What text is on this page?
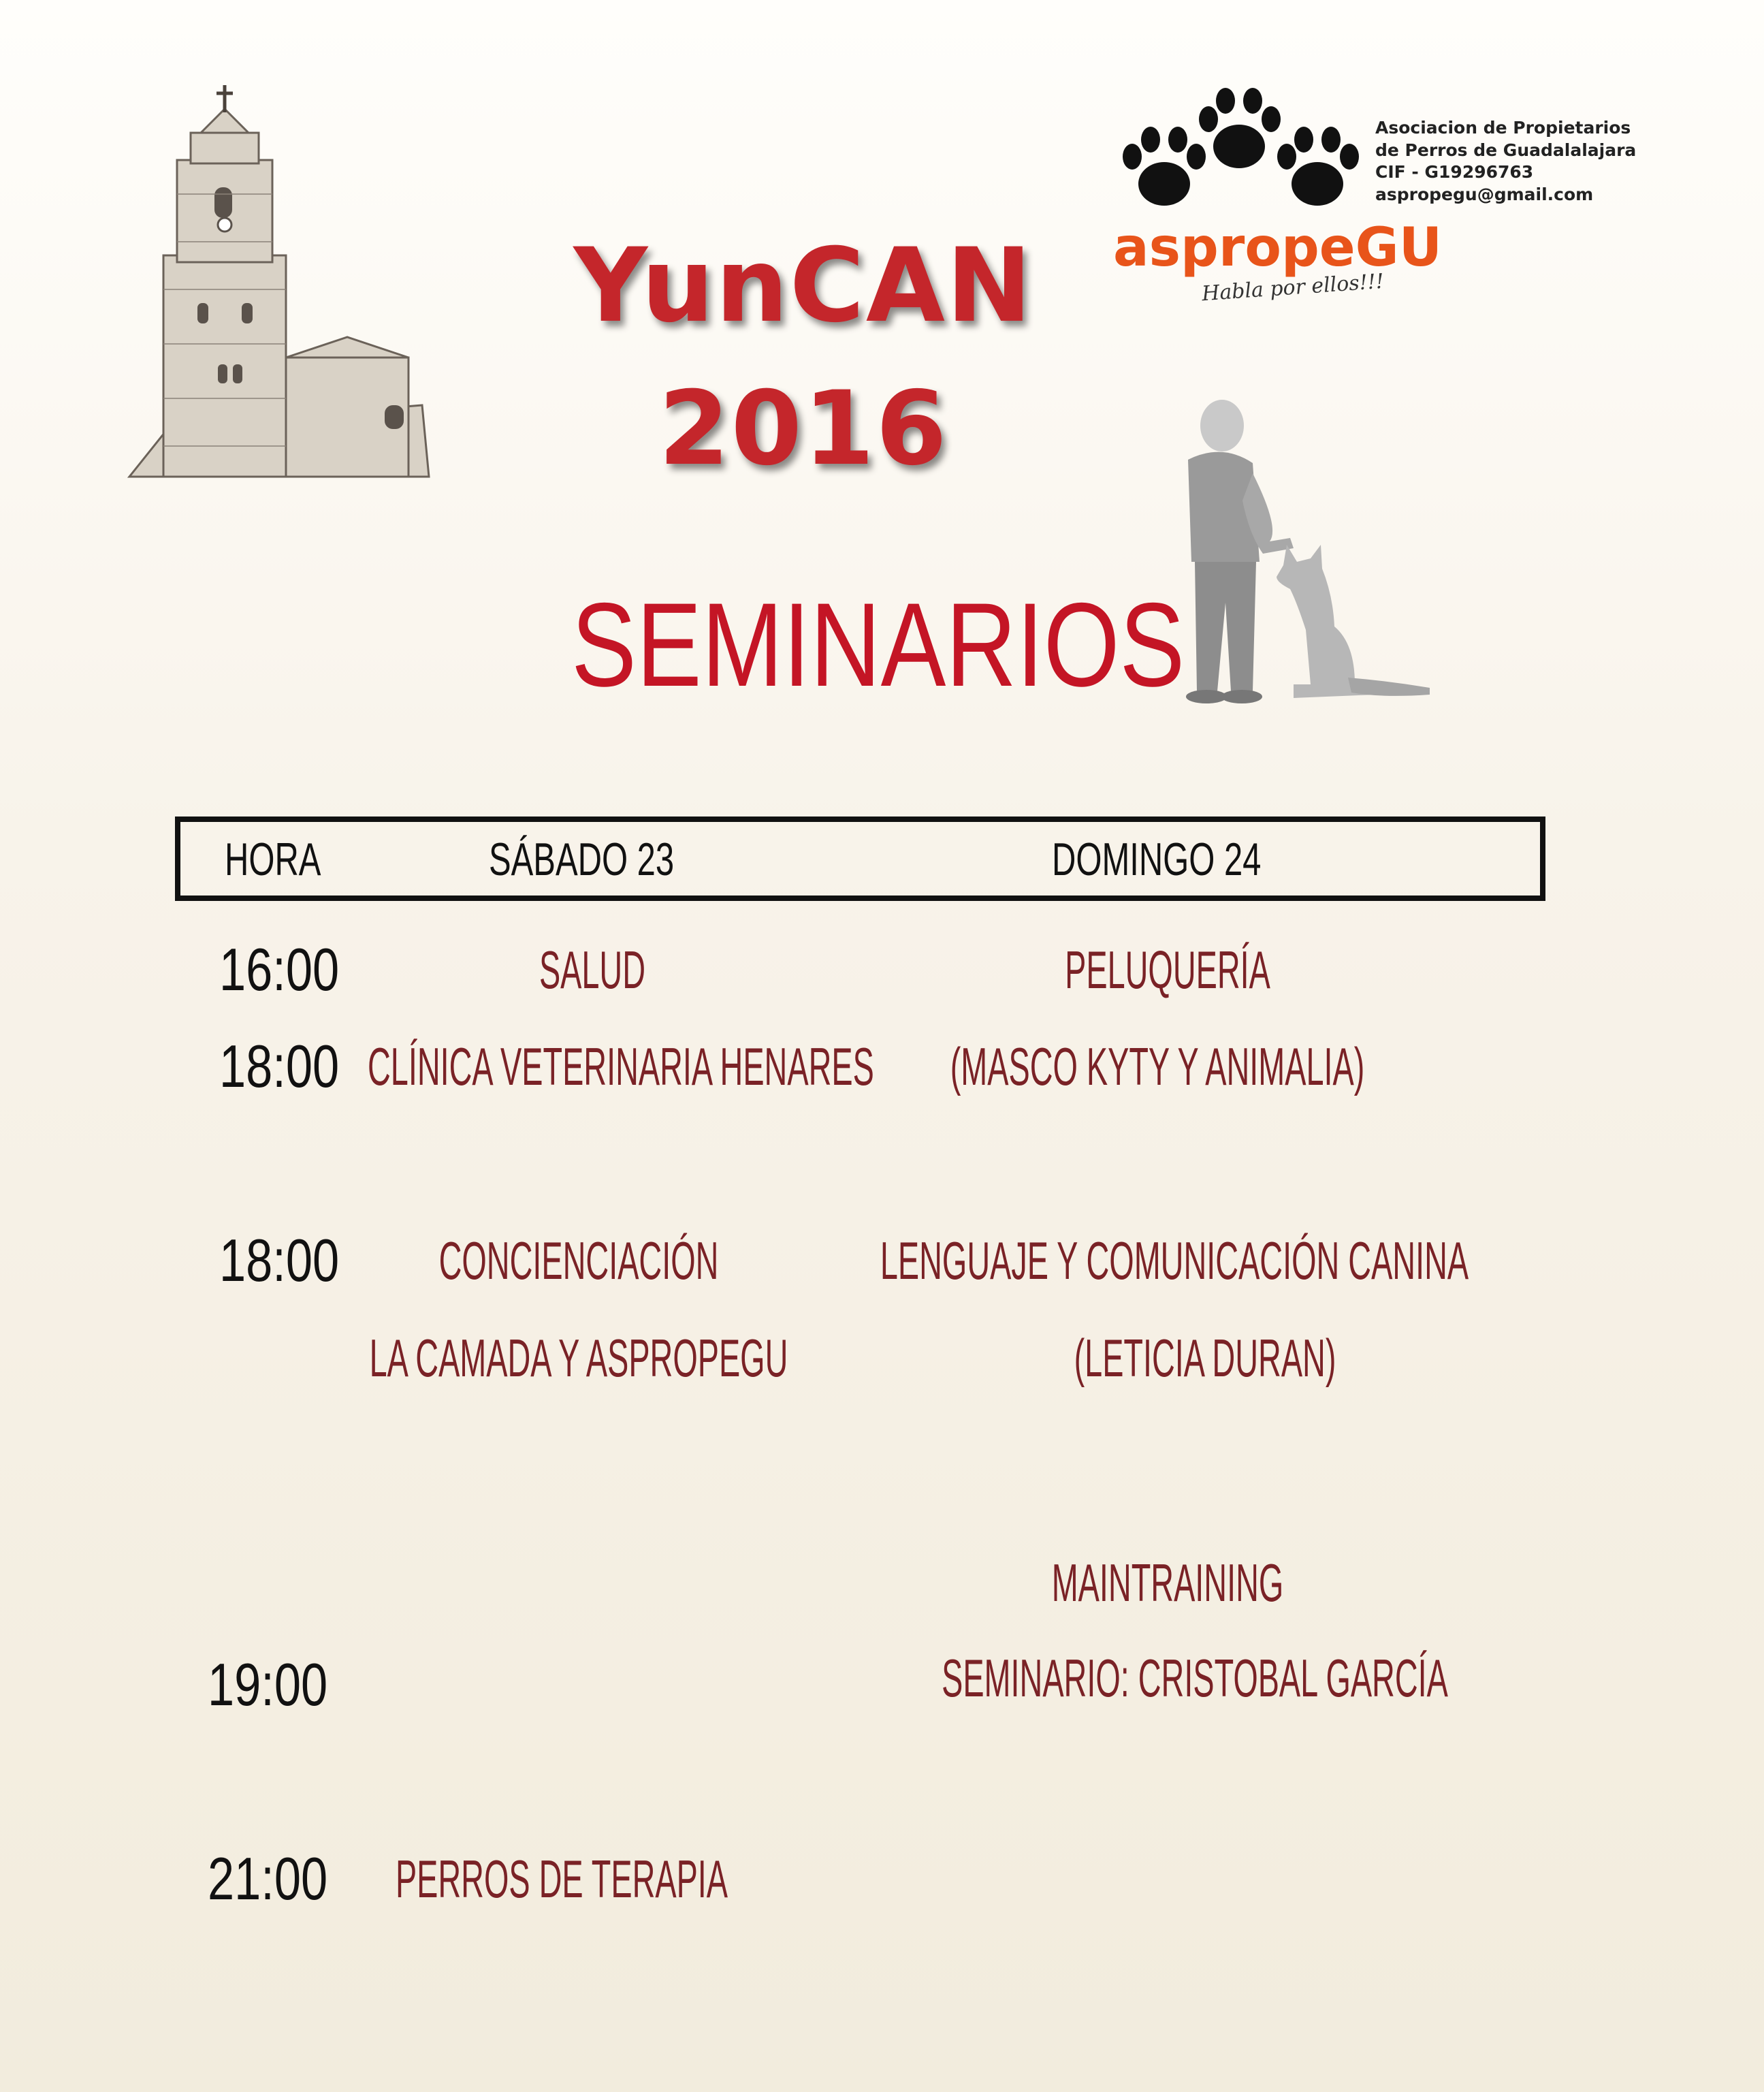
YunCAN
2016
aspropeGU
Habla por ellos!!!
Asociacion de Propietarios
de Perros de Guadalalajara
CIF - G19296763
aspropegu@gmail.com
SEMINARIOS
HORA	SÁBADO 23	DOMINGO 24
16:00
18:00
18:00
19:00
21:00
SALUD
CLÍNICA VETERINARIA HENARES
CONCIENCIACIÓN
LA CAMADA Y ASPROPEGU
PERROS DE TERAPIA
PELUQUERÍA
(MASCO KYTY Y ANIMALIA)
LENGUAJE Y COMUNICACIÓN CANINA
(LETICIA DURAN)
MAINTRAINING
SEMINARIO: CRISTOBAL GARCÍA
